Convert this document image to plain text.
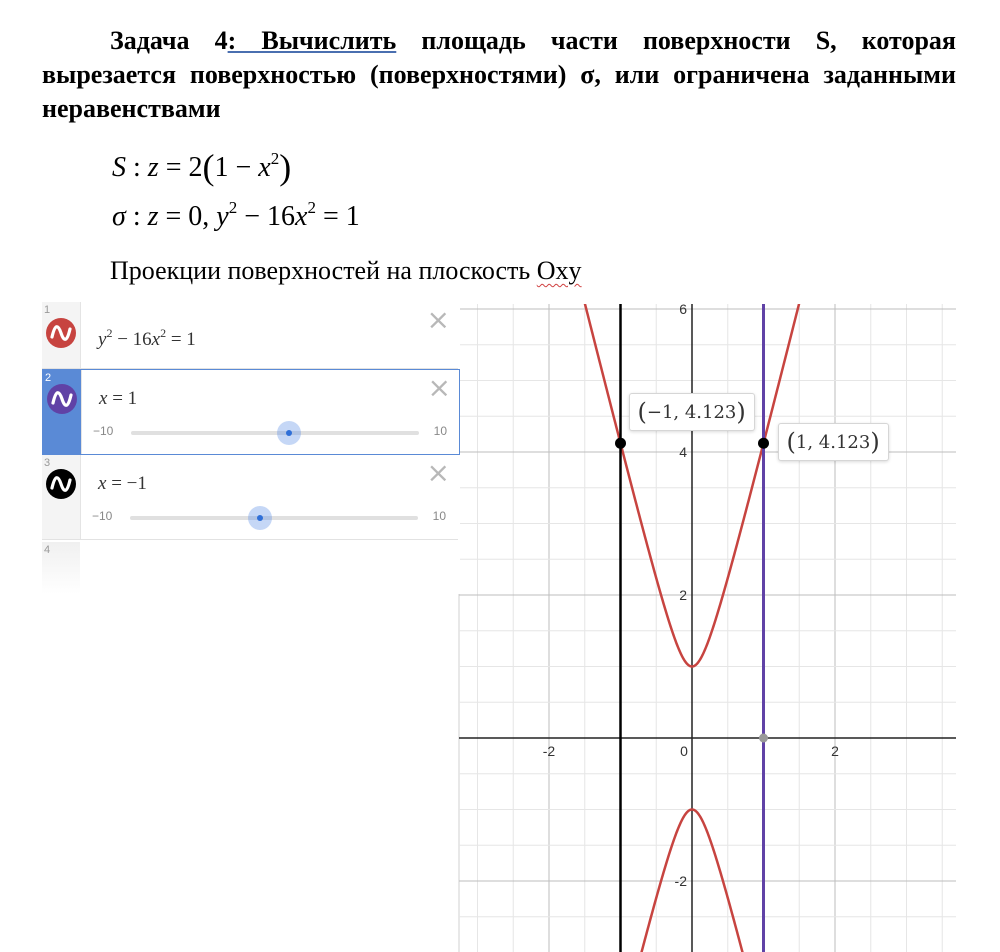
Задача 4: Вычислить площадь части поверхности S, которая вырезается поверхностью (поверхностями) σ, или ограничена заданными неравенствами

S : $z = 2(1 - x^2)$
σ : z = 0, $y^2 - 16x^2 = 1$
Проекции поверхностей на плоскость Oxy
-2	0	2
6
4
2
-2
1
$y^2 - 16x^2 = 1$
×
2
x = 1	×
−10	10
3
x = −1	×
−10	10
4
(−1, 4.123)
(1, 4.123)
